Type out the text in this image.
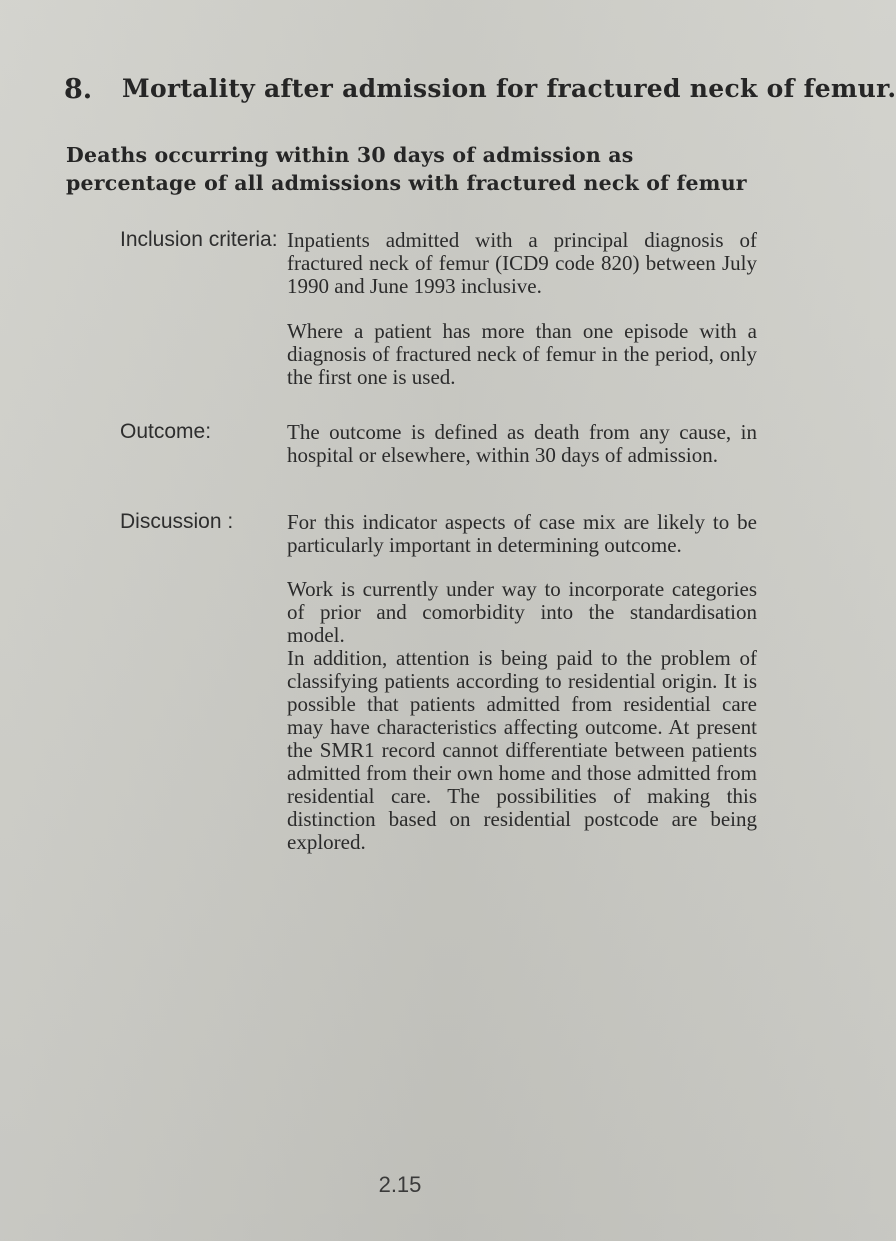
8. Mortality after admission for fractured neck of femur.
Deaths occurring within 30 days of admission as percentage of all admissions with fractured neck of femur
Inclusion criteria: Inpatients admitted with a principal diagnosis of fractured neck of femur (ICD9 code 820) between July 1990 and June 1993 inclusive.

Where a patient has more than one episode with a diagnosis of fractured neck of femur in the period, only the first one is used.

Outcome:	The outcome is defined as death from any cause, in hospital or elsewhere, within 30 days of admission.

Discussion :	For this indicator aspects of case mix are likely to be particularly important in determining outcome.

Work is currently under way to incorporate categories of prior and comorbidity into the standardisation model.

In addition, attention is being paid to the problem of classifying patients according to residential origin. It is possible that patients admitted from residential care may have characteristics affecting outcome. At present the SMR1 record cannot differentiate between patients admitted from their own home and those admitted from residential care. The possibilities of making this distinction based on residential postcode are being explored.

2.15
